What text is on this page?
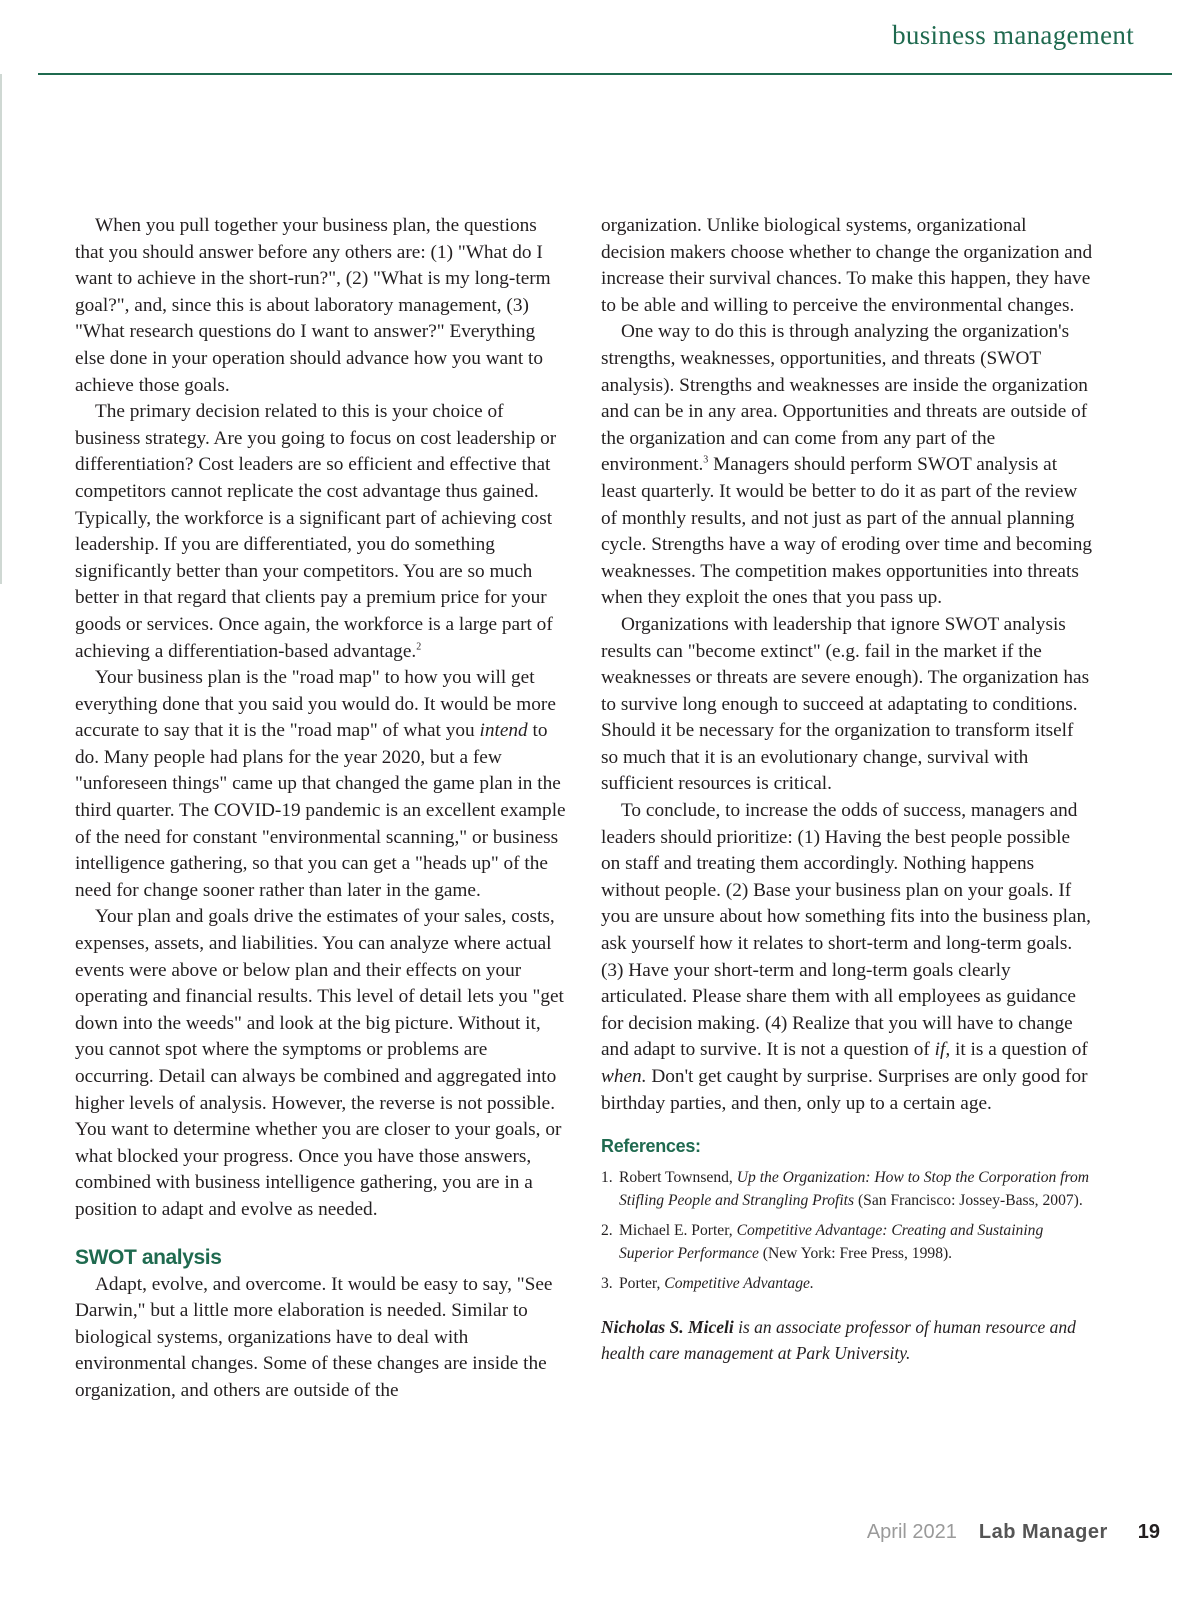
business management

When you pull together your business plan, the questions that you should answer before any others are: (1) "What do I want to achieve in the short-run?", (2) "What is my long-term goal?", and, since this is about laboratory management, (3) "What research questions do I want to answer?" Everything else done in your operation should advance how you want to achieve those goals.

The primary decision related to this is your choice of business strategy. Are you going to focus on cost leadership or differentiation? Cost leaders are so efficient and effective that competitors cannot replicate the cost advantage thus gained. Typically, the workforce is a significant part of achieving cost leadership. If you are differentiated, you do something significantly better than your competitors. You are so much better in that regard that clients pay a premium price for your goods or services. Once again, the workforce is a large part of achieving a differentiation-based advantage.$^2$

Your business plan is the "road map" to how you will get everything done that you said you would do. It would be more accurate to say that it is the "road map" of what you intend to do. Many people had plans for the year 2020, but a few "unforeseen things" came up that changed the game plan in the third quarter. The COVID-19 pandemic is an excellent example of the need for constant "environmental scanning," or business intelligence gathering, so that you can get a "heads up" of the need for change sooner rather than later in the game.

Your plan and goals drive the estimates of your sales, costs, expenses, assets, and liabilities. You can analyze where actual events were above or below plan and their effects on your operating and financial results. This level of detail lets you "get down into the weeds" and look at the big picture. Without it, you cannot spot where the symptoms or problems are occurring. Detail can always be combined and aggregated into higher levels of analysis. However, the reverse is not possible. You want to determine whether you are closer to your goals, or what blocked your progress. Once you have those answers, combined with business intelligence gathering, you are in a position to adapt and evolve as needed.

SWOT analysis

Adapt, evolve, and overcome. It would be easy to say, "See Darwin," but a little more elaboration is needed. Similar to biological systems, organizations have to deal with environmental changes. Some of these changes are inside the organization, and others are outside of the

organization. Unlike biological systems, organizational decision makers choose whether to change the organization and increase their survival chances. To make this happen, they have to be able and willing to perceive the environmental changes.

One way to do this is through analyzing the organization's strengths, weaknesses, opportunities, and threats (SWOT analysis). Strengths and weaknesses are inside the organization and can be in any area. Opportunities and threats are outside of the organization and can come from any part of the environment.$^3$ Managers should perform SWOT analysis at least quarterly. It would be better to do it as part of the review of monthly results, and not just as part of the annual planning cycle. Strengths have a way of eroding over time and becoming weaknesses. The competition makes opportunities into threats when they exploit the ones that you pass up.

Organizations with leadership that ignore SWOT analysis results can "become extinct" (e.g. fail in the market if the weaknesses or threats are severe enough). The organization has to survive long enough to succeed at adaptating to conditions. Should it be necessary for the organization to transform itself so much that it is an evolutionary change, survival with sufficient resources is critical.

To conclude, to increase the odds of success, managers and leaders should prioritize: (1) Having the best people possible on staff and treating them accordingly. Nothing happens without people. (2) Base your business plan on your goals. If you are unsure about how something fits into the business plan, ask yourself how it relates to short-term and long-term goals. (3) Have your short-term and long-term goals clearly articulated. Please share them with all employees as guidance for decision making. (4) Realize that you will have to change and adapt to survive. It is not a question of if, it is a question of when. Don't get caught by surprise. Surprises are only good for birthday parties, and then, only up to a certain age.

References:
1. Robert Townsend, Up the Organization: How to Stop the Corporation from Stifling People and Strangling Profits (San Francisco: Jossey-Bass, 2007).
2. Michael E. Porter, Competitive Advantage: Creating and Sustaining Superior Performance (New York: Free Press, 1998).
3. Porter, Competitive Advantage.
Nicholas S. Miceli is an associate professor of human resource and health care management at Park University.
April 2021 Lab Manager 19
